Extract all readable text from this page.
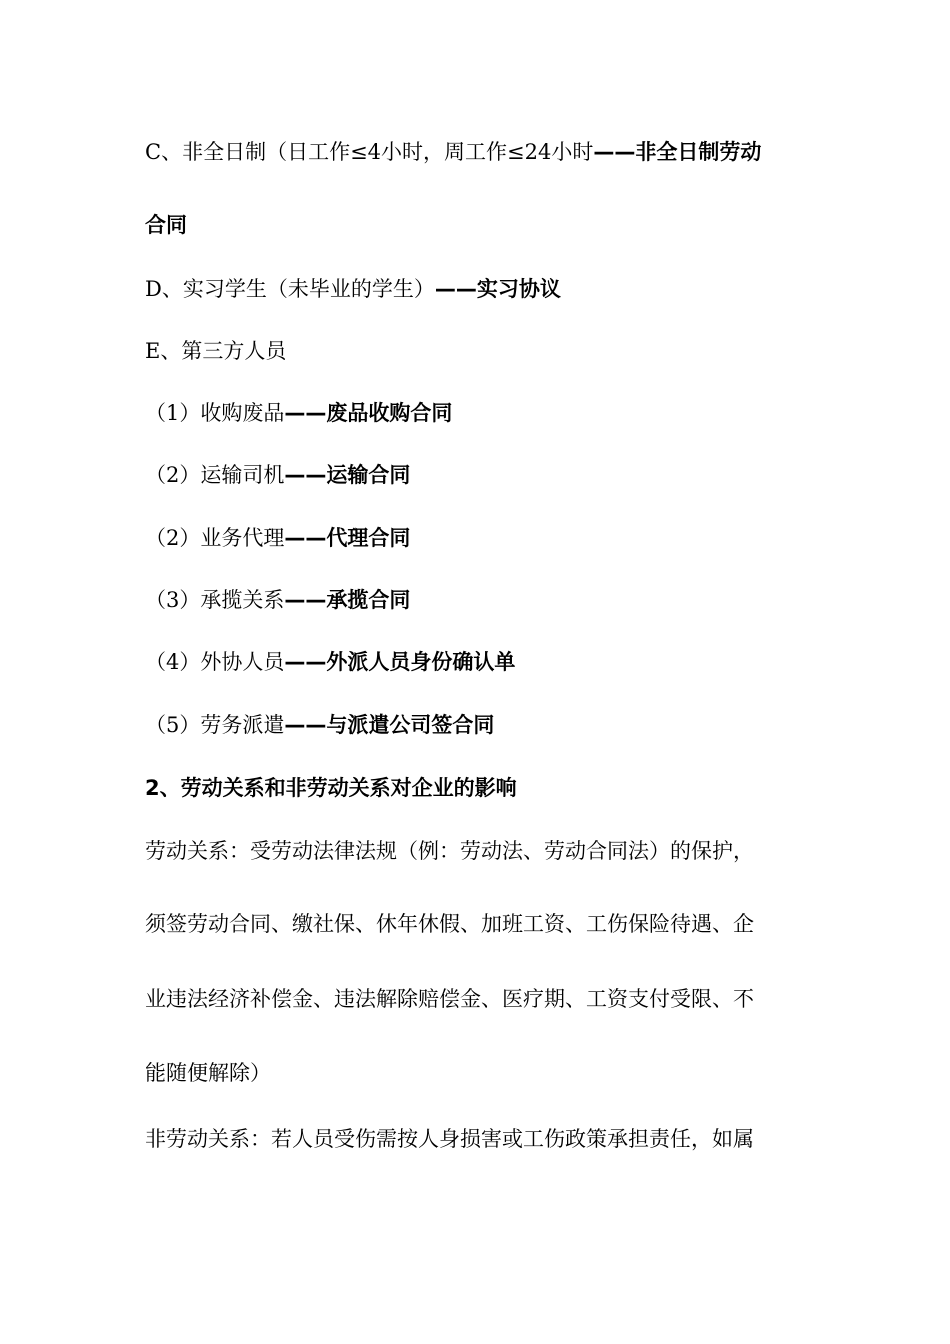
C、非全日制（日工作≤4小时，周工作≤24小时——非全日制劳动
合同
D、实习学生（未毕业的学生）——实习协议
E、第三方人员
（1）收购废品——废品收购合同
（2）运输司机——运输合同
（2）业务代理——代理合同
（3）承揽关系——承揽合同
（4）外协人员——外派人员身份确认单
（5）劳务派遣——与派遣公司签合同
2、劳动关系和非劳动关系对企业的影响
劳动关系：受劳动法律法规（例：劳动法、劳动合同法）的保护，
须签劳动合同、缴社保、休年休假、加班工资、工伤保险待遇、企
业违法经济补偿金、违法解除赔偿金、医疗期、工资支付受限、不
能随便解除）
非劳动关系：若人员受伤需按人身损害或工伤政策承担责任，如属
